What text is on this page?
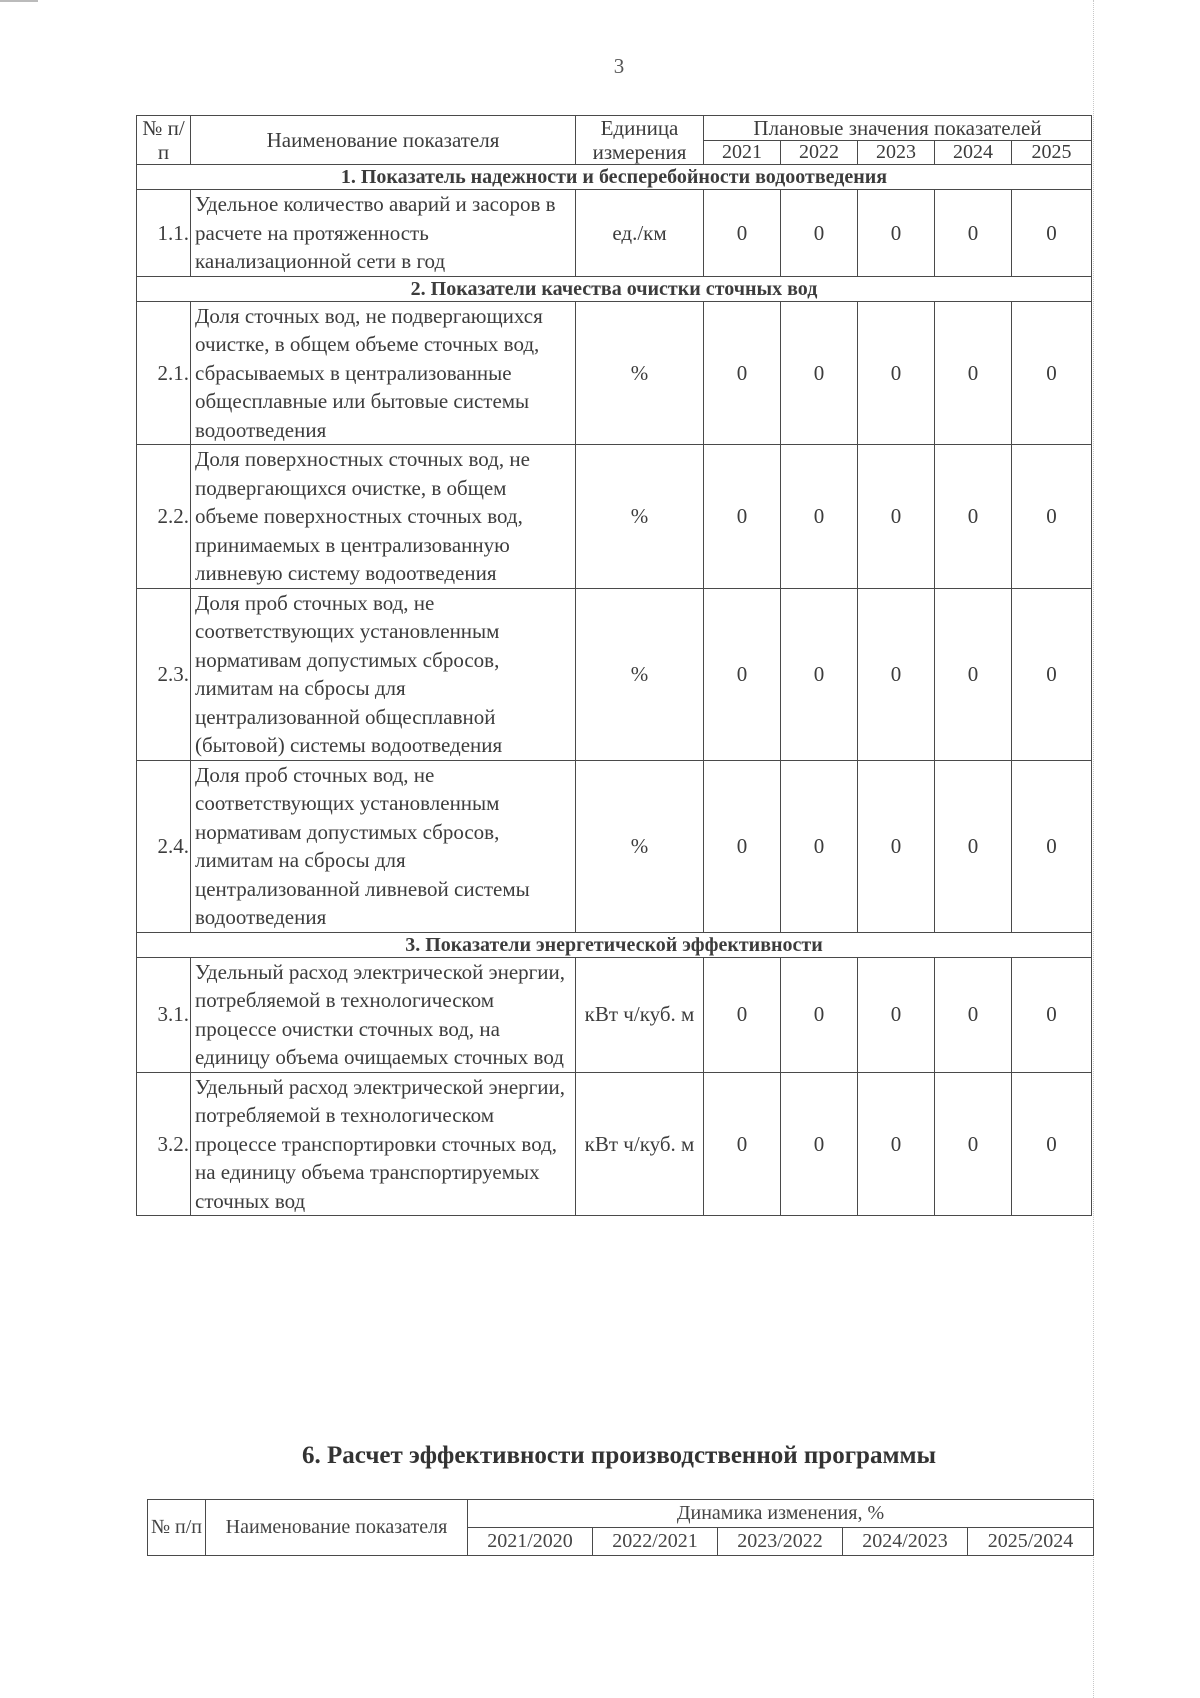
3
№ п/п	Наименование показателя	Единица измерения	Плановые значения показателей				
			2021	2022	2023	2024	2025
1. Показатель надежности и бесперебойности водоотведения							
1.1.	Удельное количество аварий и засоров в расчете на протяженность канализационной сети в год	ед./км	0	0	0	0	0
2. Показатели качества очистки сточных вод							
2.1.	Доля сточных вод, не подвергающихся очистке, в общем объеме сточных вод, сбрасываемых в централизованные общесплавные или бытовые системы водоотведения	%	0	0	0	0	0
2.2.	Доля поверхностных сточных вод, не подвергающихся очистке, в общем объеме поверхностных сточных вод, принимаемых в централизованную ливневую систему водоотведения	%	0	0	0	0	0
2.3.	Доля проб сточных вод, не соответствующих установленным нормативам допустимых сбросов, лимитам на сбросы для централизованной общесплавной (бытовой) системы водоотведения	%	0	0	0	0	0
2.4.	Доля проб сточных вод, не соответствующих установленным нормативам допустимых сбросов, лимитам на сбросы для централизованной ливневой системы водоотведения	%	0	0	0	0	0
3. Показатели энергетической эффективности							
3.1.	Удельный расход электрической энергии, потребляемой в технологическом процессе очистки сточных вод, на единицу объема очищаемых сточных вод	кВт ч/куб. м	0	0	0	0	0
3.2.	Удельный расход электрической энергии, потребляемой в технологическом процессе транспортировки сточных вод, на единицу объема транспортируемых сточных вод	кВт ч/куб. м	0	0	0	0	0
6. Расчет эффективности производственной программы
№ п/п	Наименование показателя	Динамика изменения, %				
		2021/2020	2022/2021	2023/2022	2024/2023	2025/2024
